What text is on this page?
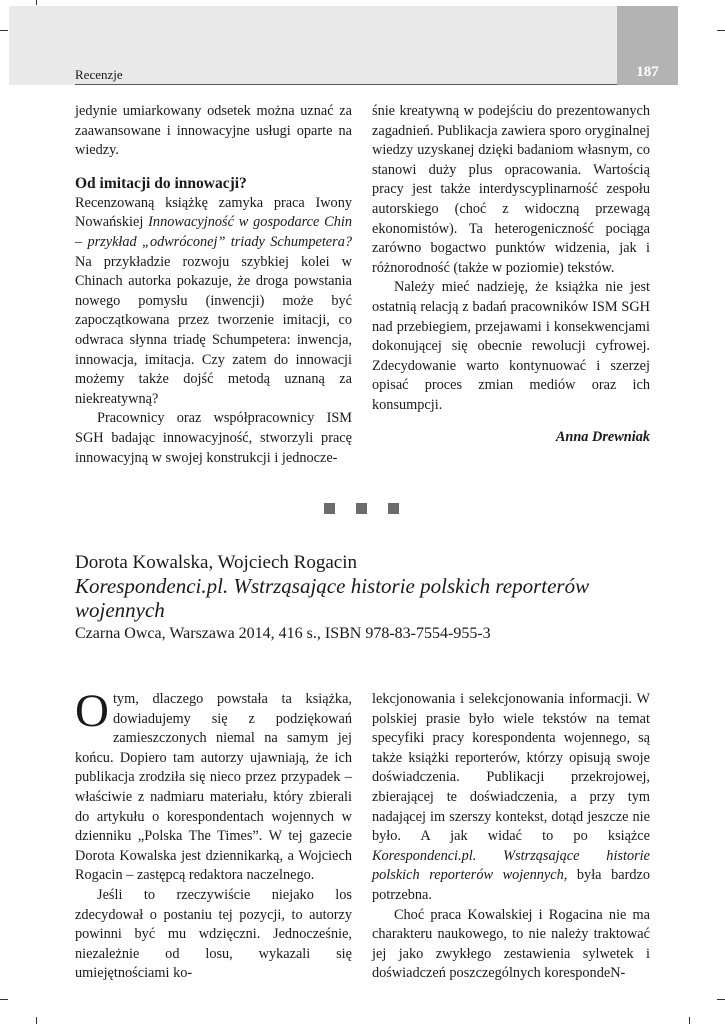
187
Recenzje

jedynie umiarkowany odsetek można uznać za zaawansowane i innowacyjne usługi oparte na wiedzy.

Od imitacji do innowacji?

Recenzowaną książkę zamyka praca Iwony Nowańskiej Innowacyjność w gospodarce Chin – przykład „odwróconej” triady Schumpetera? Na przykładzie rozwoju szybkiej kolei w Chinach autorka pokazuje, że droga powstania nowego pomysłu (inwencji) może być zapoczątkowana przez tworzenie imitacji, co odwraca słynna triadę Schumpetera: inwencja, innowacja, imitacja. Czy zatem do innowacji możemy także dojść metodą uznaną za niekreatywną?

Pracownicy oraz współpracownicy ISM SGH badając innowacyjność, stworzyli pracę innowacyjną w swojej konstrukcji i jednocze-

śnie kreatywną w podejściu do prezentowanych zagadnień. Publikacja zawiera sporo oryginalnej wiedzy uzyskanej dzięki badaniom własnym, co stanowi duży plus opracowania. Wartością pracy jest także interdyscyplinarność zespołu autorskiego (choć z widoczną przewagą ekonomistów). Ta heterogeniczność pociąga zarówno bogactwo punktów widzenia, jak i różnorodność (także w poziomie) tekstów.

Należy mieć nadzieję, że książka nie jest ostatnią relacją z badań pracowników ISM SGH nad przebiegiem, przejawami i konsekwencjami dokonującej się obecnie rewolucji cyfrowej. Zdecydowanie warto kontynuować i szerzej opisać proces zmian mediów oraz ich konsumpcji.

Anna Drewniak

Dorota Kowalska, Wojciech Rogacin
Korespondenci.pl. Wstrząsające historie polskich reporterów wojennych
Czarna Owca, Warszawa 2014, 416 s., ISBN 978-83-7554-955-3

Otym, dlaczego powstała ta książka, dowiadujemy się z podziękowań zamieszczonych niemal na samym jej końcu. Dopiero tam autorzy ujawniają, że ich publikacja zrodziła się nieco przez przypadek – właściwie z nadmiaru materiału, który zbierali do artykułu o korespondentach wojennych w dzienniku „Polska The Times”. W tej gazecie Dorota Kowalska jest dziennikarką, a Wojciech Rogacin – zastępcą redaktora naczelnego.

Jeśli to rzeczywiście niejako los zdecydował o postaniu tej pozycji, to autorzy powinni być mu wdzięczni. Jednocześnie, niezależnie od losu, wykazali się umiejętnościami ko-

lekcjonowania i selekcjonowania informacji. W polskiej prasie było wiele tekstów na temat specyfiki pracy korespondenta wojennego, są także książki reporterów, którzy opisują swoje doświadczenia. Publikacji przekrojowej, zbierającej te doświadczenia, a przy tym nadającej im szerszy kontekst, dotąd jeszcze nie było. A jak widać to po książce Korespondenci.pl. Wstrząsające historie polskich reporterów wojennych, była bardzo potrzebna.

Choć praca Kowalskiej i Rogacina nie ma charakteru naukowego, to nie należy traktować jej jako zwykłego zestawienia sylwetek i doświadczeń poszczególnych korespondeN-
